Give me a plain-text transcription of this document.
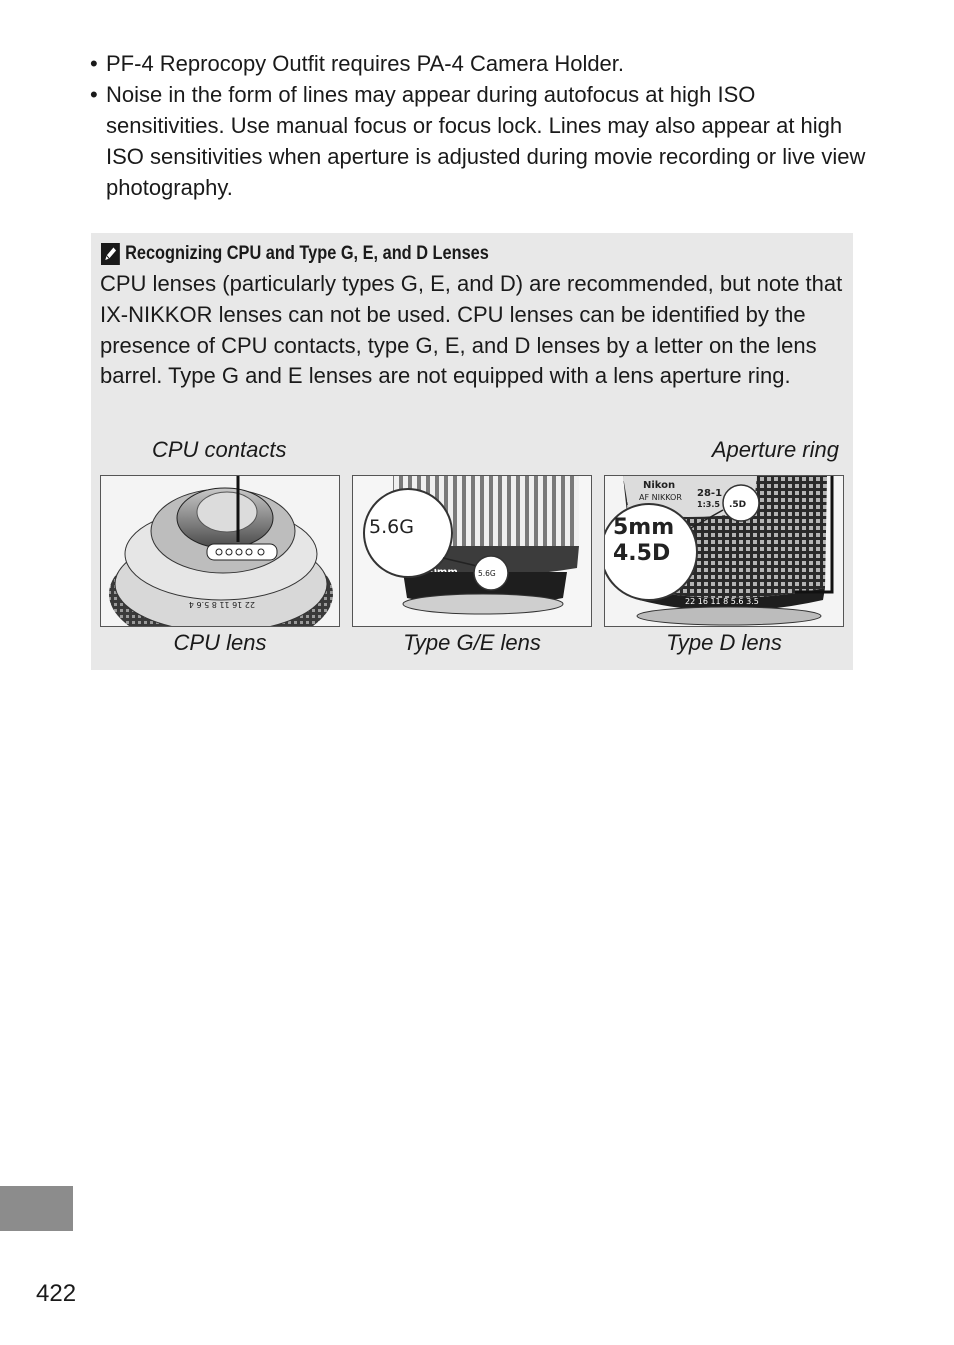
• PF-4 Reprocopy Outfit requires PA-4 Camera Holder.
• Noise in the form of lines may appear during autofocus at high ISO sensitivities. Use manual focus or focus lock. Lines may also appear at high ISO sensitivities when aperture is adjusted during movie recording or live view photography.
Recognizing CPU and Type G, E, and D Lenses
CPU lenses (particularly types G, E, and D) are recommended, but note that IX-NIKKOR lenses can not be used. CPU lenses can be identified by the presence of CPU contacts, type G, E, and D lenses by a letter on the lens barrel. Type G and E lenses are not equipped with a lens aperture ring.
CPU contacts	Aperture ring
22 16 11 8 5.6 4
5.6G
5.6G
Nikon
AF NIKKOR 28-1
1:3.5
22 16 11 8 5.6 3.5
5mm
4.5D
.5D
CPU lens	Type G/E lens	Type D lens
422
